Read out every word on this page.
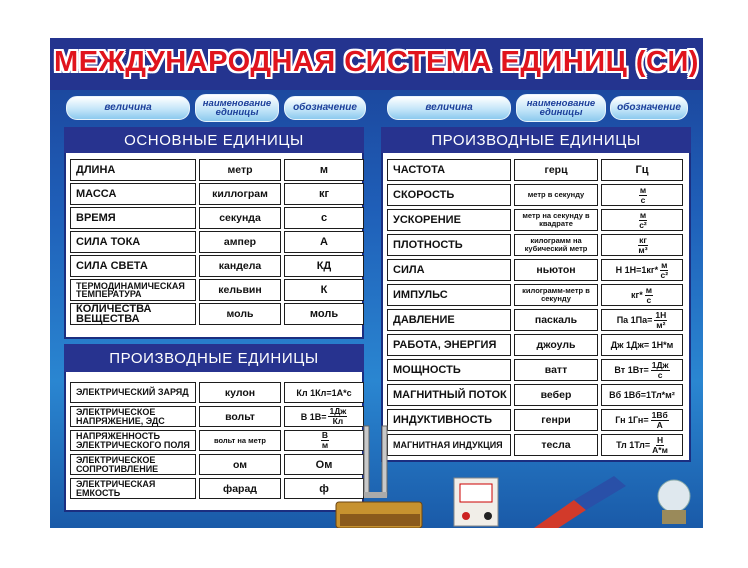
МЕЖДУНАРОДНАЯ СИСТЕМА ЕДИНИЦ (СИ)
величина	наименование
единицы	обозначение	величина	наименование
единицы	обозначение
ОСНОВНЫЕ ЕДИНИЦЫ
ДЛИНА	метр	м
МАССА	киллограм	кг
ВРЕМЯ	секунда	с
СИЛА ТОКА	ампер	А
СИЛА СВЕТА	кандела	КД
ТЕРМОДИНАМИЧЕСКАЯ ТЕМПЕРАТУРА	кельвин	К
КОЛИЧЕСТВА ВЕЩЕСТВА	моль	моль
ПРОИЗВОДНЫЕ ЕДИНИЦЫ
ЭЛЕКТРИЧЕСКИЙ ЗАРЯД	кулон	Кл 1Кл=1А*с
ЭЛЕКТРИЧЕСКОЕ НАПРЯЖЕНИЕ, ЭДС	вольт	В $1В= \frac{1Дж}{Кл}$
НАПРЯЖЕННОСТЬ ЭЛЕКТРИЧЕСКОГО ПОЛЯ	вольт на метр	$\frac{В}{м}$
ЭЛЕКТРИЧЕСКОЕ СОПРОТИВЛЕНИЕ	ом	Ом
ЭЛЕКТРИЧЕСКАЯ ЕМКОСТЬ	фарад	ф
ПРОИЗВОДНЫЕ ЕДИНИЦЫ
ЧАСТОТА	герц	Гц
СКОРОСТЬ	метр в секунду	$\frac{м}{с}$
УСКОРЕНИЕ	метр на секунду в квадрате	$\frac{м}{\text{с²}}$
ПЛОТНОСТЬ	килограмм на кубический метр	$\frac{кг}{\text{м³}}$
СИЛА	ньютон	Н $1Н=1кг* \frac{м}{\text{с²}}$
ИМПУЛЬС	килограмм-метр в секунду	$кг* \frac{м}{с}$
ДАВЛЕНИЕ	паскаль	Па $1Па= \frac{1Н}{\text{м²}}$
РАБОТА, ЭНЕРГИЯ	джоуль	Дж 1Дж= 1Н*м
МОЩНОСТЬ	ватт	Вт $1Вт= \frac{1Дж}{с}$
МАГНИТНЫЙ ПОТОК	вебер	Вб 1Вб=1Тл*м²
ИНДУКТИВНОСТЬ	генри	Гн $1Гн= \frac{1Вб}{А}$
МАГНИТНАЯ ИНДУКЦИЯ	тесла	Тл $1Тл= \frac{Н}{А*м}$
